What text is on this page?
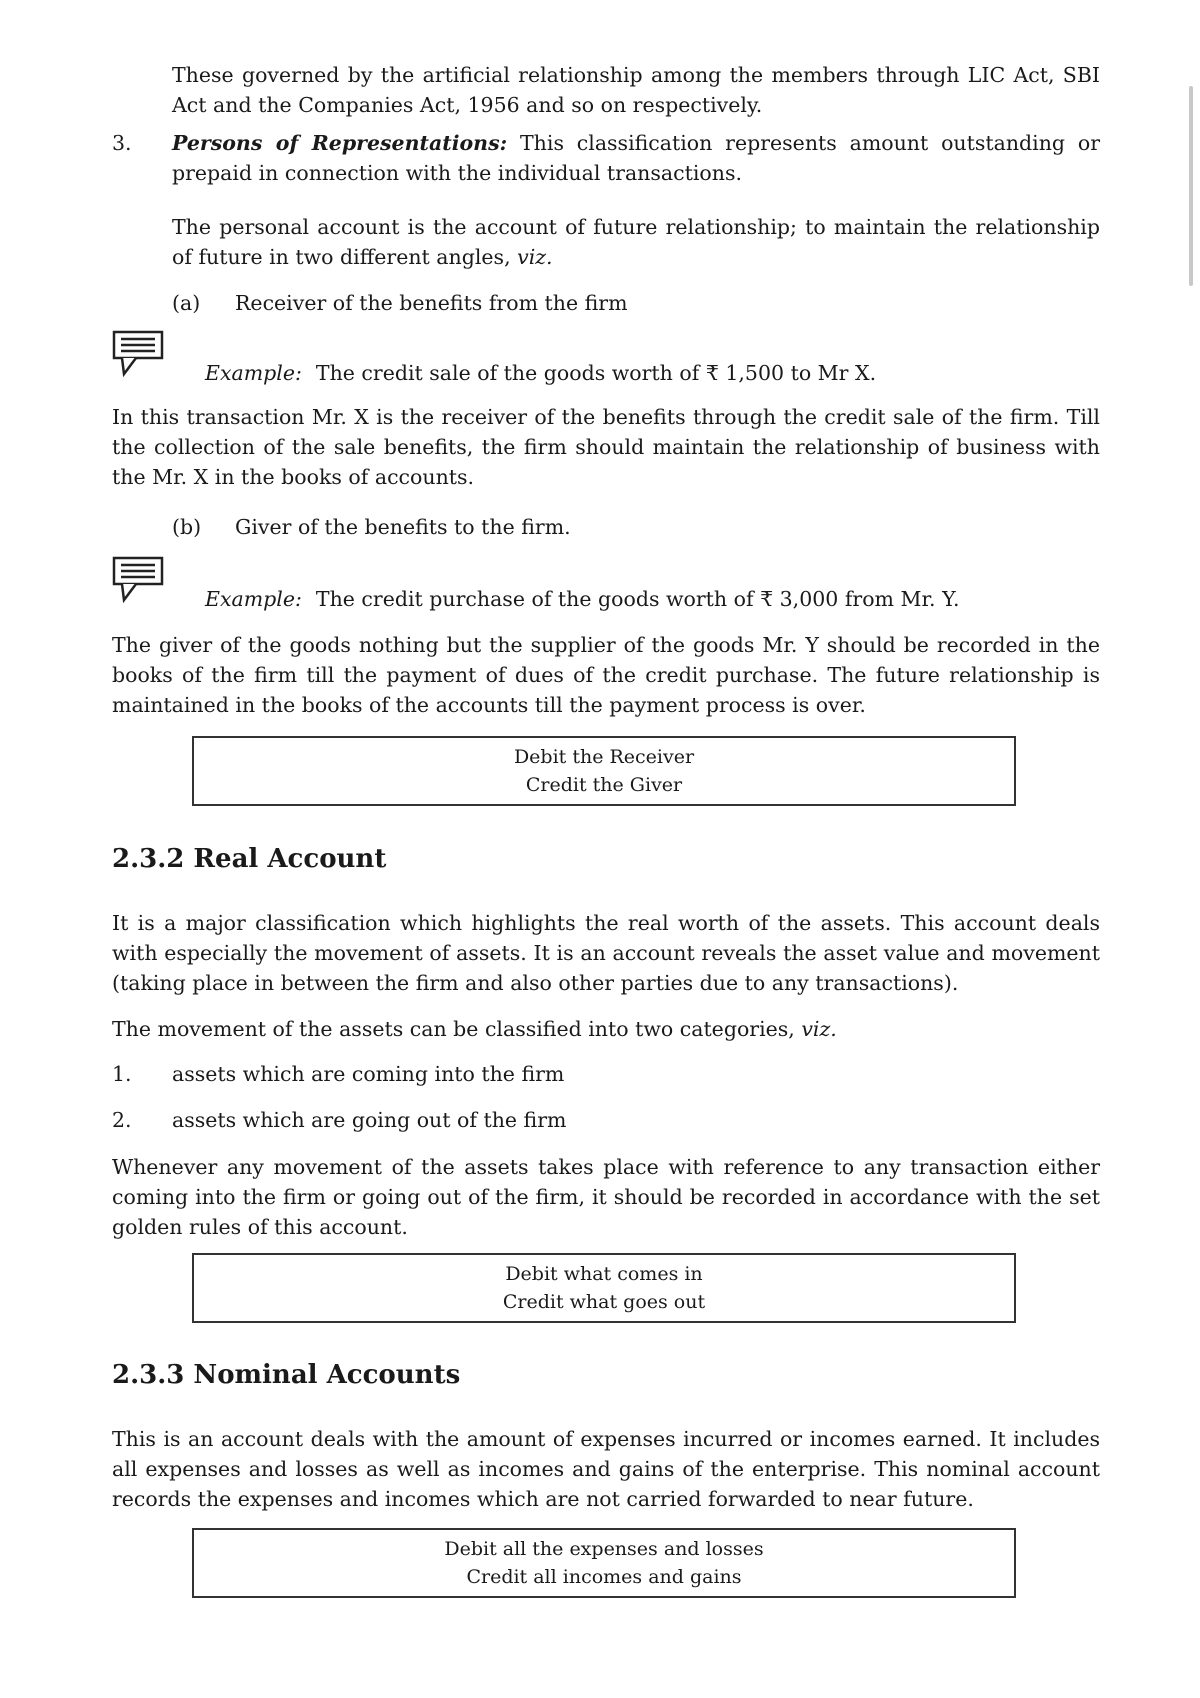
These governed by the artificial relationship among the members through LIC Act, SBI Act and the Companies Act, 1956 and so on respectively.

3. Persons of Representations: This classification represents amount outstanding or prepaid in connection with the individual transactions.

The personal account is the account of future relationship; to maintain the relationship of future in two different angles, viz.

(a) Receiver of the benefits from the firm
Example: The credit sale of the goods worth of ₹ 1,500 to Mr X.

In this transaction Mr. X is the receiver of the benefits through the credit sale of the firm. Till the collection of the sale benefits, the firm should maintain the relationship of business with the Mr. X in the books of accounts.

(b) Giver of the benefits to the firm.
Example: The credit purchase of the goods worth of ₹ 3,000 from Mr. Y.

The giver of the goods nothing but the supplier of the goods Mr. Y should be recorded in the books of the firm till the payment of dues of the credit purchase. The future relationship is maintained in the books of the accounts till the payment process is over.

Debit the Receiver
Credit the Giver
2.3.2 Real Account

It is a major classification which highlights the real worth of the assets. This account deals with especially the movement of assets. It is an account reveals the asset value and movement (taking place in between the firm and also other parties due to any transactions).

The movement of the assets can be classified into two categories, viz.

1. assets which are coming into the firm
2. assets which are going out of the firm

Whenever any movement of the assets takes place with reference to any transaction either coming into the firm or going out of the firm, it should be recorded in accordance with the set golden rules of this account.

Debit what comes in
Credit what goes out
2.3.3 Nominal Accounts

This is an account deals with the amount of expenses incurred or incomes earned. It includes all expenses and losses as well as incomes and gains of the enterprise. This nominal account records the expenses and incomes which are not carried forwarded to near future.

Debit all the expenses and losses
Credit all incomes and gains
